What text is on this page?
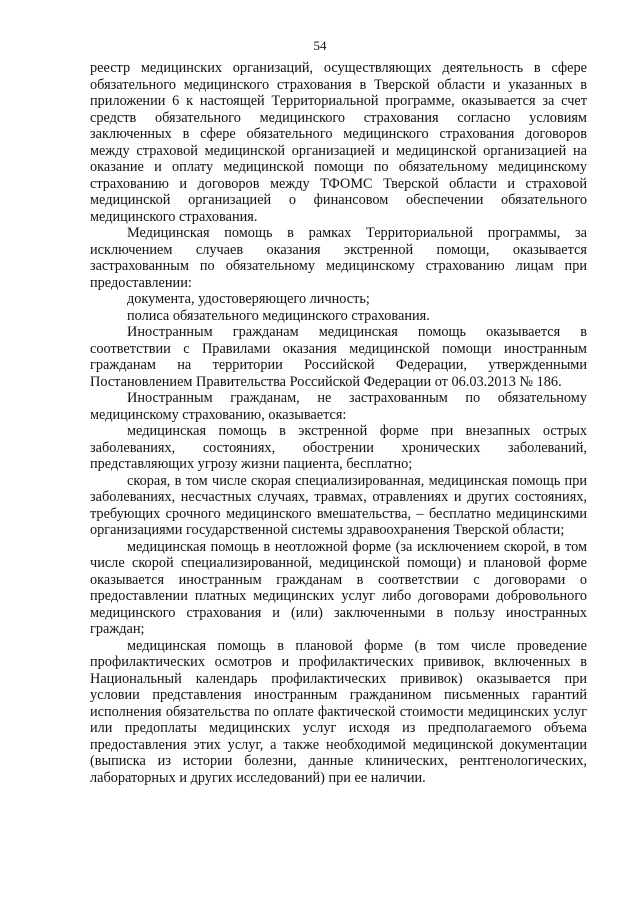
54

реестр медицинских организаций, осуществляющих деятельность в сфере обязательного медицинского страхования в Тверской области и указанных в приложении 6 к настоящей Территориальной программе, оказывается за счет средств обязательного медицинского страхования согласно условиям заключенных в сфере обязательного медицинского страхования договоров между страховой медицинской организацией и медицинской организацией на оказание и оплату медицинской помощи по обязательному медицинскому страхованию и договоров между ТФОМС Тверской области и страховой медицинской организацией о финансовом обеспечении обязательного медицинского страхования.

Медицинская помощь в рамках Территориальной программы, за исключением случаев оказания экстренной помощи, оказывается застрахованным по обязательному медицинскому страхованию лицам при предоставлении:

документа, удостоверяющего личность;

полиса обязательного медицинского страхования.

Иностранным гражданам медицинская помощь оказывается в соответствии с Правилами оказания медицинской помощи иностранным гражданам на территории Российской Федерации, утвержденными Постановлением Правительства Российской Федерации от 06.03.2013 № 186.

Иностранным гражданам, не застрахованным по обязательному медицинскому страхованию, оказывается:

медицинская помощь в экстренной форме при внезапных острых заболеваниях, состояниях, обострении хронических заболеваний, представляющих угрозу жизни пациента, бесплатно;

скорая, в том числе скорая специализированная, медицинская помощь при заболеваниях, несчастных случаях, травмах, отравлениях и других состояниях, требующих срочного медицинского вмешательства, – бесплатно медицинскими организациями государственной системы здравоохранения Тверской области;

медицинская помощь в неотложной форме (за исключением скорой, в том числе скорой специализированной, медицинской помощи) и плановой форме оказывается иностранным гражданам в соответствии с договорами о предоставлении платных медицинских услуг либо договорами добровольного медицинского страхования и (или) заключенными в пользу иностранных граждан;

медицинская помощь в плановой форме (в том числе проведение профилактических осмотров и профилактических прививок, включенных в Национальный календарь профилактических прививок) оказывается при условии представления иностранным гражданином письменных гарантий исполнения обязательства по оплате фактической стоимости медицинских услуг или предоплаты медицинских услуг исходя из предполагаемого объема предоставления этих услуг, а также необходимой медицинской документации (выписка из истории болезни, данные клинических, рентгенологических, лабораторных и других исследований) при ее наличии.
